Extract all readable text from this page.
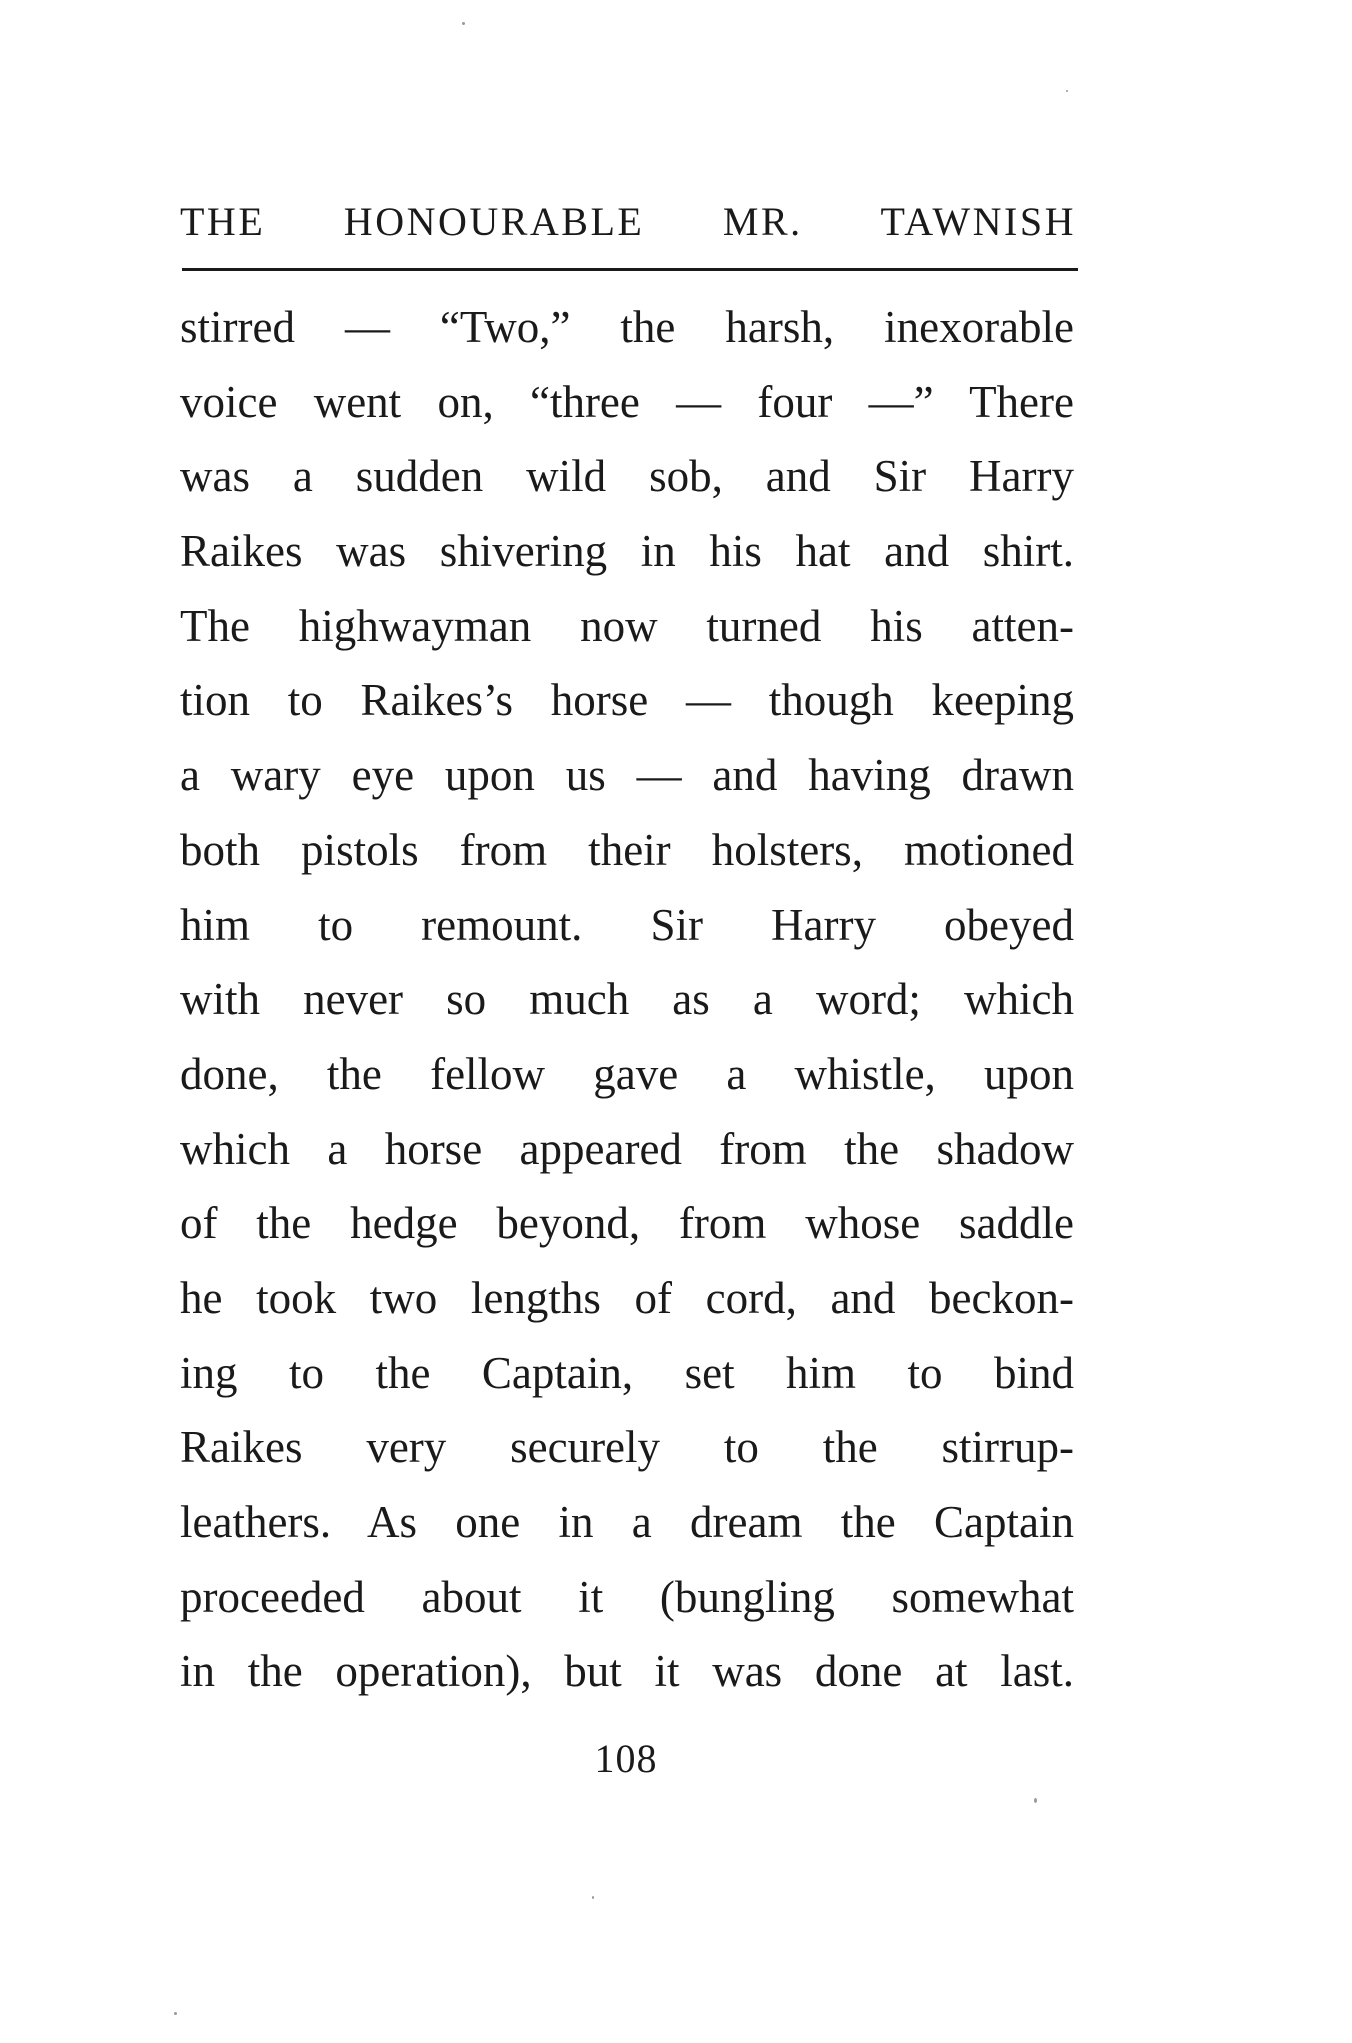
THE HONOURABLE MR. TAWNISH
stirred — “Two,” the harsh, inexorable
voice went on, “three — four —” There
was a sudden wild sob, and Sir Harry
Raikes was shivering in his hat and shirt.
The highwayman now turned his atten-
tion to Raikes’s horse — though keeping
a wary eye upon us — and having drawn
both pistols from their holsters, motioned
him to remount. Sir Harry obeyed
with never so much as a word; which
done, the fellow gave a whistle, upon
which a horse appeared from the shadow
of the hedge beyond, from whose saddle
he took two lengths of cord, and beckon-
ing to the Captain, set him to bind
Raikes very securely to the stirrup-
leathers. As one in a dream the Captain
proceeded about it (bungling somewhat
in the operation), but it was done at last.
108
